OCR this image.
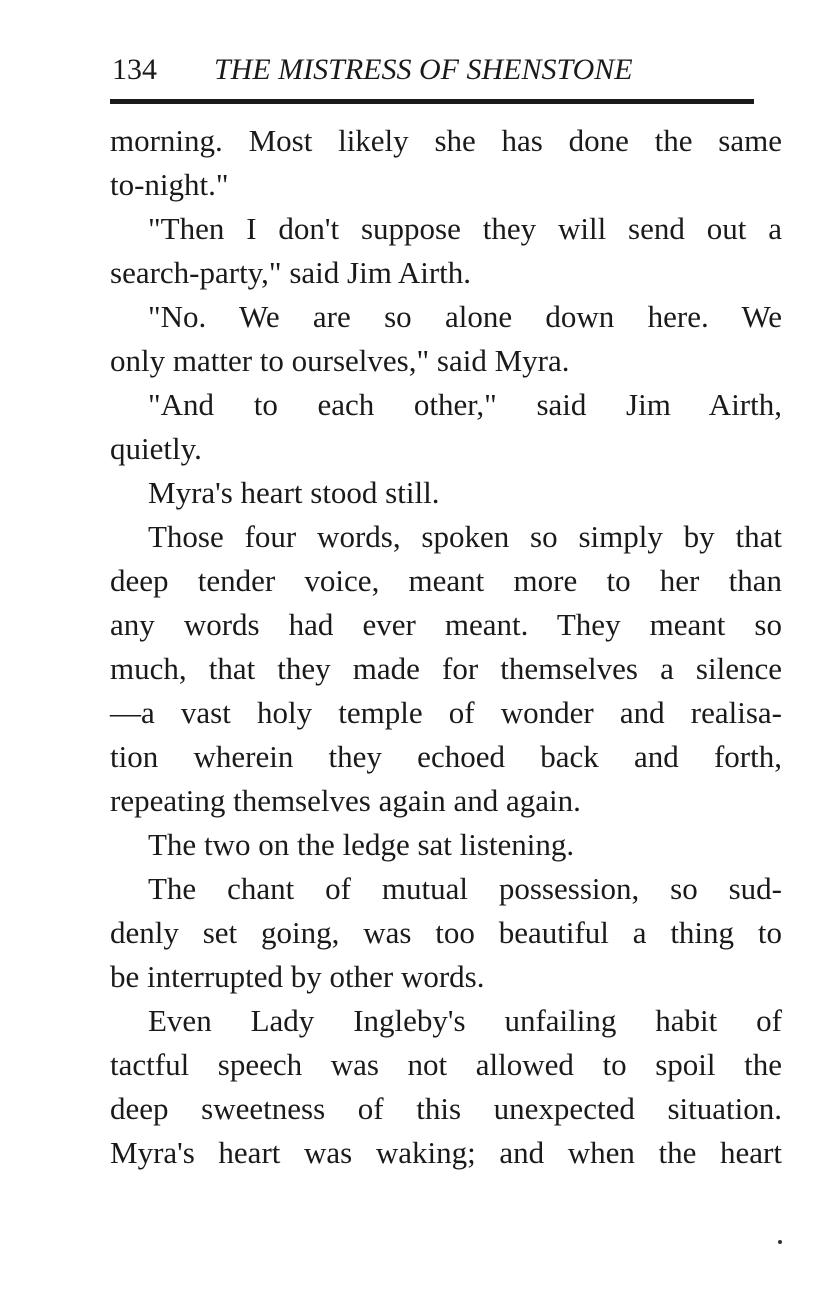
134 THE MISTRESS OF SHENSTONE
morning. Most likely she has done the same
to-night."
"Then I don't suppose they will send out a
search-party," said Jim Airth.
"No. We are so alone down here. We
only matter to ourselves," said Myra.
"And to each other," said Jim Airth,
quietly.
Myra's heart stood still.
Those four words, spoken so simply by that
deep tender voice, meant more to her than
any words had ever meant. They meant so
much, that they made for themselves a silence
—a vast holy temple of wonder and realisa-
tion wherein they echoed back and forth,
repeating themselves again and again.
The two on the ledge sat listening.
The chant of mutual possession, so sud-
denly set going, was too beautiful a thing to
be interrupted by other words.
Even Lady Ingleby's unfailing habit of
tactful speech was not allowed to spoil the
deep sweetness of this unexpected situation.
Myra's heart was waking; and when the heart
